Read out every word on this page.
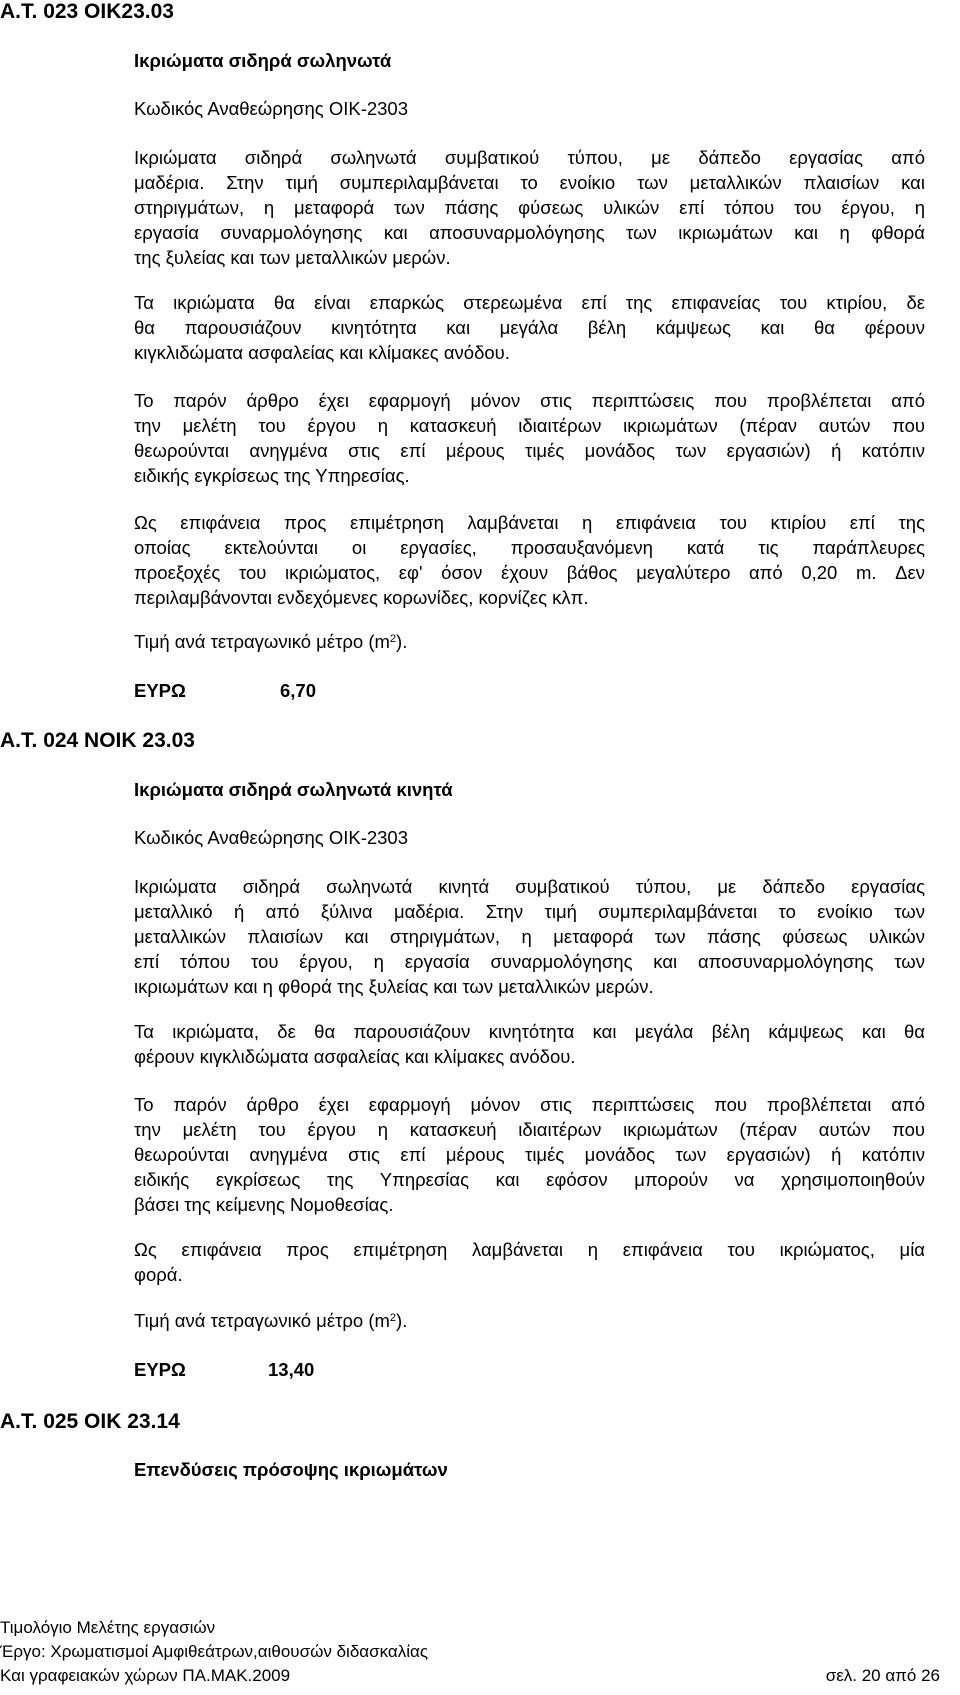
Α.Τ. 023 ΟΙΚ23.03
Ικριώματα σιδηρά σωληνωτά
Κωδικός Αναθεώρησης ΟΙΚ-2303
Ικριώματα σιδηρά σωληνωτά συμβατικού τύπου, με δάπεδο εργασίας από
μαδέρια. Στην τιμή συμπεριλαμβάνεται το ενοίκιο των μεταλλικών πλαισίων και
στηριγμάτων, η μεταφορά των πάσης φύσεως υλικών επί τόπου του έργου, η
εργασία συναρμολόγησης και αποσυναρμολόγησης των ικριωμάτων και η φθορά
της ξυλείας και των μεταλλικών μερών.
Τα ικριώματα θα είναι επαρκώς στερεωμένα επί της επιφανείας του κτιρίου, δε
θα παρουσιάζουν κινητότητα και μεγάλα βέλη κάμψεως και θα φέρουν
κιγκλιδώματα ασφαλείας και κλίμακες ανόδου.
Το παρόν άρθρο έχει εφαρμογή μόνον στις περιπτώσεις που προβλέπεται από
την μελέτη του έργου η κατασκευή ιδιαιτέρων ικριωμάτων (πέραν αυτών που
θεωρούνται ανηγμένα στις επί μέρους τιμές μονάδος των εργασιών) ή κατόπιν
ειδικής εγκρίσεως της Υπηρεσίας.
Ως επιφάνεια προς επιμέτρηση λαμβάνεται η επιφάνεια του κτιρίου επί της
οποίας εκτελούνται οι εργασίες, προσαυξανόμενη κατά τις παράπλευρες
προεξοχές του ικριώματος, εφ' όσον έχουν βάθος μεγαλύτερο από 0,20 m. Δεν
περιλαμβάνονται ενδεχόμενες κορωνίδες, κορνίζες κλπ.
Τιμή ανά τετραγωνικό μέτρο $(m^2)$.
ΕΥΡΩ	6,70
Α.Τ. 024 ΝΟΙΚ 23.03
Ικριώματα σιδηρά σωληνωτά κινητά
Κωδικός Αναθεώρησης ΟΙΚ-2303
Ικριώματα σιδηρά σωληνωτά κινητά συμβατικού τύπου, με δάπεδο εργασίας
μεταλλικό ή από ξύλινα μαδέρια. Στην τιμή συμπεριλαμβάνεται το ενοίκιο των
μεταλλικών πλαισίων και στηριγμάτων, η μεταφορά των πάσης φύσεως υλικών
επί τόπου του έργου, η εργασία συναρμολόγησης και αποσυναρμολόγησης των
ικριωμάτων και η φθορά της ξυλείας και των μεταλλικών μερών.
Τα ικριώματα, δε θα παρουσιάζουν κινητότητα και μεγάλα βέλη κάμψεως και θα
φέρουν κιγκλιδώματα ασφαλείας και κλίμακες ανόδου.
Το παρόν άρθρο έχει εφαρμογή μόνον στις περιπτώσεις που προβλέπεται από
την μελέτη του έργου η κατασκευή ιδιαιτέρων ικριωμάτων (πέραν αυτών που
θεωρούνται ανηγμένα στις επί μέρους τιμές μονάδος των εργασιών) ή κατόπιν
ειδικής εγκρίσεως της Υπηρεσίας και εφόσον μπορούν να χρησιμοποιηθούν
βάσει της κείμενης Νομοθεσίας.
Ως επιφάνεια προς επιμέτρηση λαμβάνεται η επιφάνεια του ικριώματος, μία
φορά.
Τιμή ανά τετραγωνικό μέτρο $(m^2)$.
ΕΥΡΩ	13,40
Α.Τ. 025 ΟΙΚ 23.14
Επενδύσεις πρόσοψης ικριωμάτων
Τιμολόγιο Μελέτης εργασιών
Έργο: Χρωματισμοί Αμφιθεάτρων,αιθουσών διδασκαλίας
Και γραφειακών χώρων ΠΑ.ΜΑΚ.2009	σελ. 20 από 26
